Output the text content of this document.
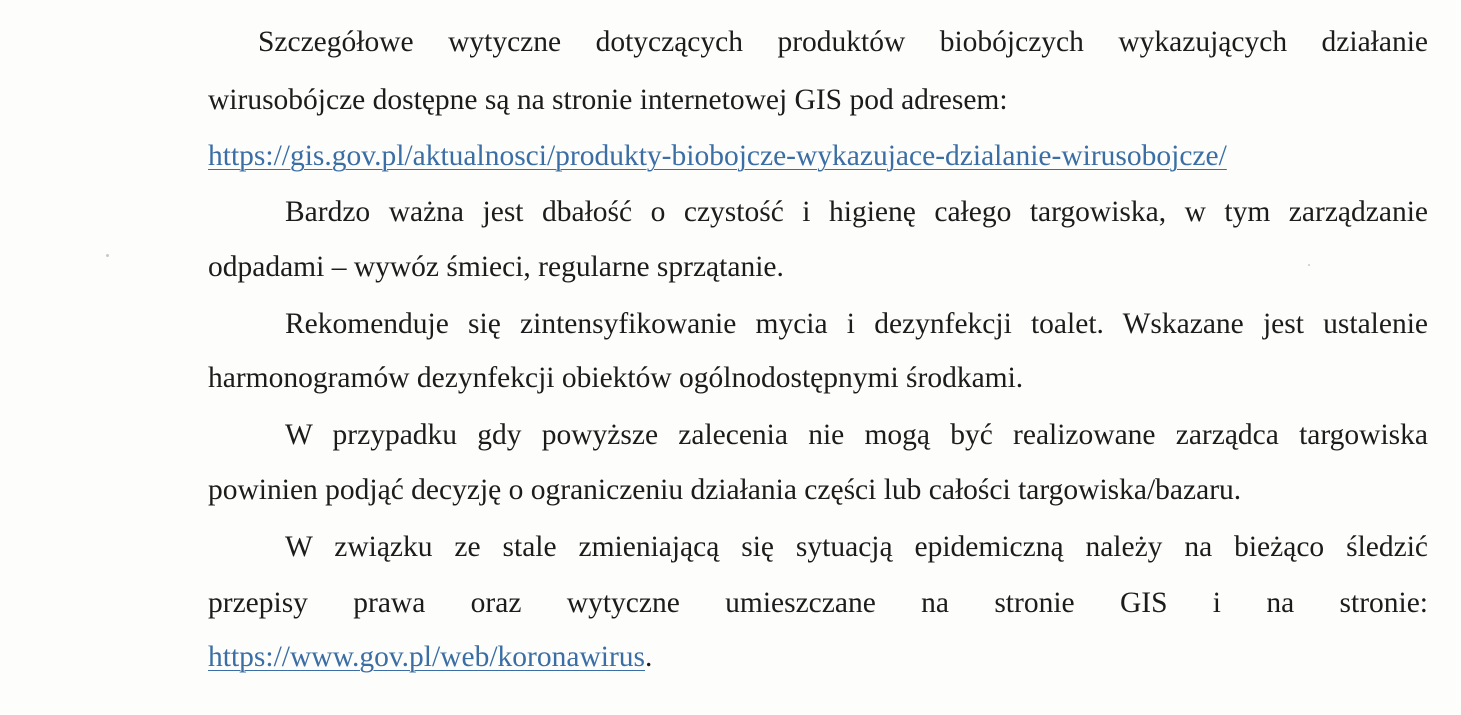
Szczegółowe wytyczne dotyczących produktów biobójczych wykazujących działanie
wirusobójcze dostępne są na stronie internetowej GIS pod adresem:
https://gis.gov.pl/aktualnosci/produkty-biobojcze-wykazujace-dzialanie-wirusobojcze/
Bardzo ważna jest dbałość o czystość i higienę całego targowiska, w tym zarządzanie
odpadami – wywóz śmieci, regularne sprzątanie.
Rekomenduje się zintensyfikowanie mycia i dezynfekcji toalet. Wskazane jest ustalenie
harmonogramów dezynfekcji obiektów ogólnodostępnymi środkami.
W przypadku gdy powyższe zalecenia nie mogą być realizowane zarządca targowiska
powinien podjąć decyzję o ograniczeniu działania części lub całości targowiska/bazaru.
W związku ze stale zmieniającą się sytuacją epidemiczną należy na bieżąco śledzić
przepisy prawa oraz wytyczne umieszczane na stronie GIS i na stronie:
https://www.gov.pl/web/koronawirus.
